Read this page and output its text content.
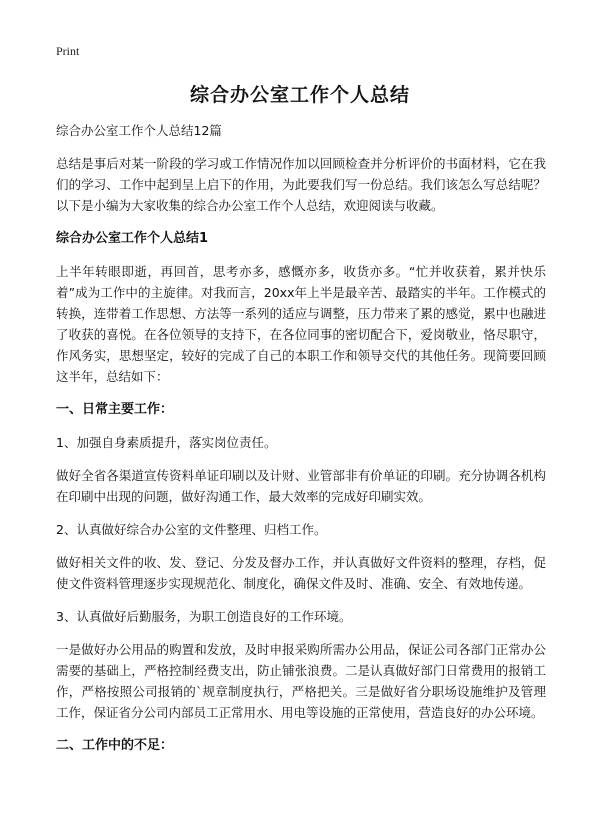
Print
综合办公室工作个人总结
综合办公室工作个人总结12篇
总结是事后对某一阶段的学习或工作情况作加以回顾检查并分析评价的书面材料，它在我们的学习、工作中起到呈上启下的作用，为此要我们写一份总结。我们该怎么写总结呢？以下是小编为大家收集的综合办公室工作个人总结，欢迎阅读与收藏。
综合办公室工作个人总结1
上半年转眼即逝，再回首，思考亦多，感慨亦多，收货亦多。“忙并收获着，累并快乐着”成为工作中的主旋律。对我而言，20xx年上半是最辛苦、最踏实的半年。工作模式的转换，连带着工作思想、方法等一系列的适应与调整，压力带来了累的感觉，累中也融进了收获的喜悦。在各位领导的支持下，在各位同事的密切配合下，爱岗敬业，恪尽职守，作风务实，思想坚定，较好的完成了自己的本职工作和领导交代的其他任务。现简要回顾这半年，总结如下：
一、日常主要工作：
1、加强自身素质提升，落实岗位责任。
做好全省各渠道宣传资料单证印刷以及计财、业管部非有价单证的印刷。充分协调各机构在印刷中出现的问题，做好沟通工作，最大效率的完成好印刷实效。
2、认真做好综合办公室的文件整理、归档工作。
做好相关文件的收、发、登记、分发及督办工作，并认真做好文件资料的整理，存档，促使文件资料管理逐步实现规范化、制度化，确保文件及时、准确、安全、有效地传递。
3、认真做好后勤服务，为职工创造良好的工作环境。
一是做好办公用品的购置和发放，及时申报采购所需办公用品，保证公司各部门正常办公需要的基础上，严格控制经费支出，防止铺张浪费。二是认真做好部门日常费用的报销工作，严格按照公司报销的`规章制度执行，严格把关。三是做好省分职场设施维护及管理工作，保证省分公司内部员工正常用水、用电等设施的正常使用，营造良好的办公环境。
二、工作中的不足：
